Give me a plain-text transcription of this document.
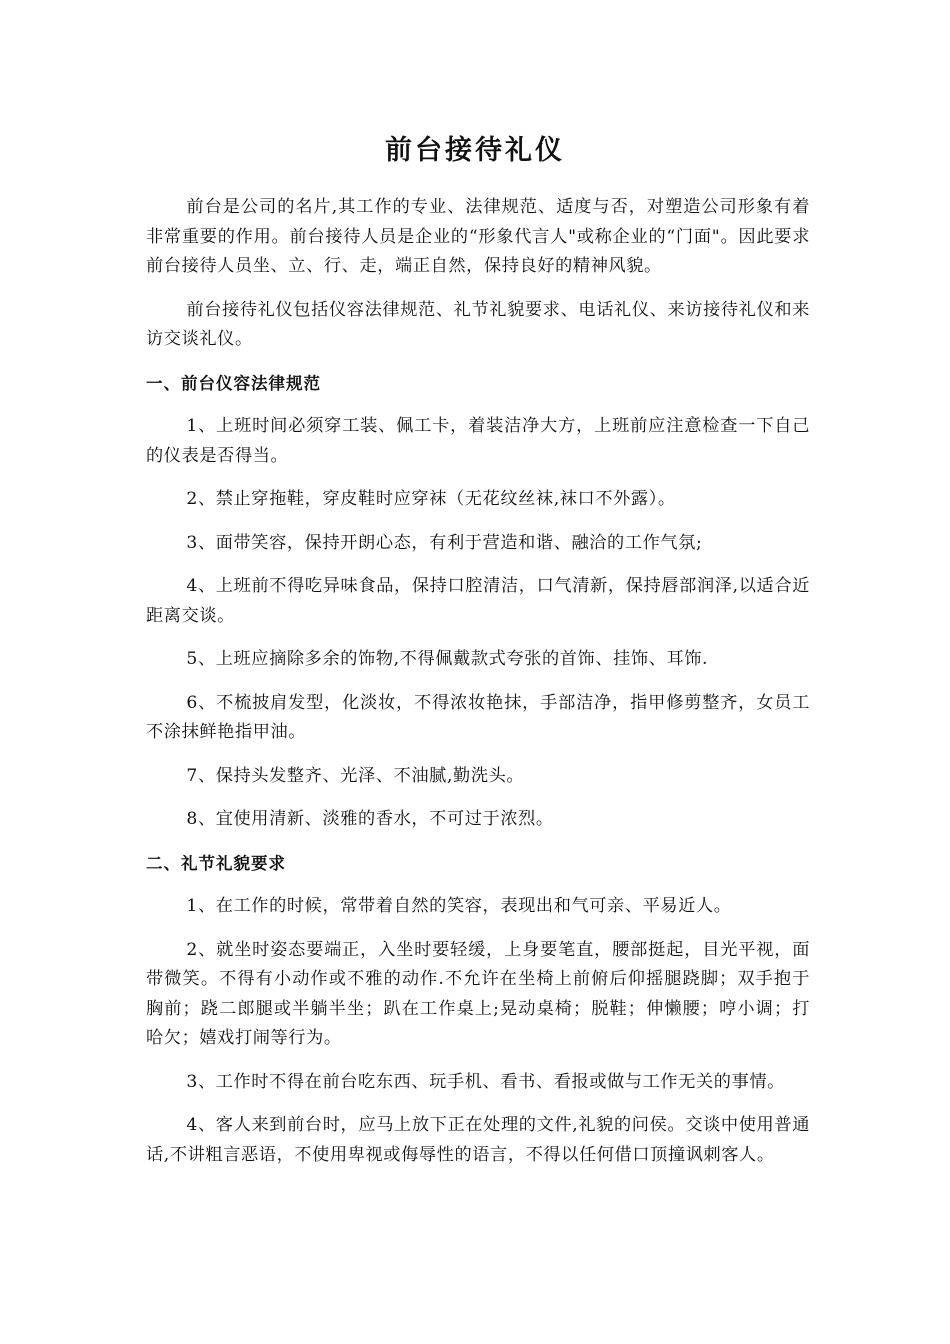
前台接待礼仪

前台是公司的名片,其工作的专业、法律规范、适度与否，对塑造公司形象有着非常重要的作用。前台接待人员是企业的“形象代言人"或称企业的“门面"。因此要求前台接待人员坐、立、行、走，端正自然，保持良好的精神风貌。

前台接待礼仪包括仪容法律规范、礼节礼貌要求、电话礼仪、来访接待礼仪和来访交谈礼仪。

一、前台仪容法律规范

1、上班时间必须穿工装、佩工卡，着装洁净大方，上班前应注意检查一下自己的仪表是否得当。

2、禁止穿拖鞋，穿皮鞋时应穿袜（无花纹丝袜,袜口不外露）。

3、面带笑容，保持开朗心态，有利于营造和谐、融洽的工作气氛;

4、上班前不得吃异味食品，保持口腔清洁，口气清新，保持唇部润泽,以适合近距离交谈。

5、上班应摘除多余的饰物,不得佩戴款式夸张的首饰、挂饰、耳饰.

6、不梳披肩发型，化淡妆，不得浓妆艳抹，手部洁净，指甲修剪整齐，女员工不涂抹鲜艳指甲油。

7、保持头发整齐、光泽、不油腻,勤洗头。

8、宜使用清新、淡雅的香水，不可过于浓烈。

二、礼节礼貌要求

1、在工作的时候，常带着自然的笑容，表现出和气可亲、平易近人。

2、就坐时姿态要端正，入坐时要轻缓，上身要笔直，腰部挺起，目光平视，面带微笑。不得有小动作或不雅的动作.不允许在坐椅上前俯后仰摇腿跷脚；双手抱于胸前；跷二郎腿或半躺半坐；趴在工作桌上;晃动桌椅；脱鞋；伸懒腰；哼小调；打哈欠；嬉戏打闹等行为。

3、工作时不得在前台吃东西、玩手机、看书、看报或做与工作无关的事情。

4、客人来到前台时，应马上放下正在处理的文件,礼貌的问侯。交谈中使用普通话,不讲粗言恶语，不使用卑视或侮辱性的语言，不得以任何借口顶撞讽刺客人。
